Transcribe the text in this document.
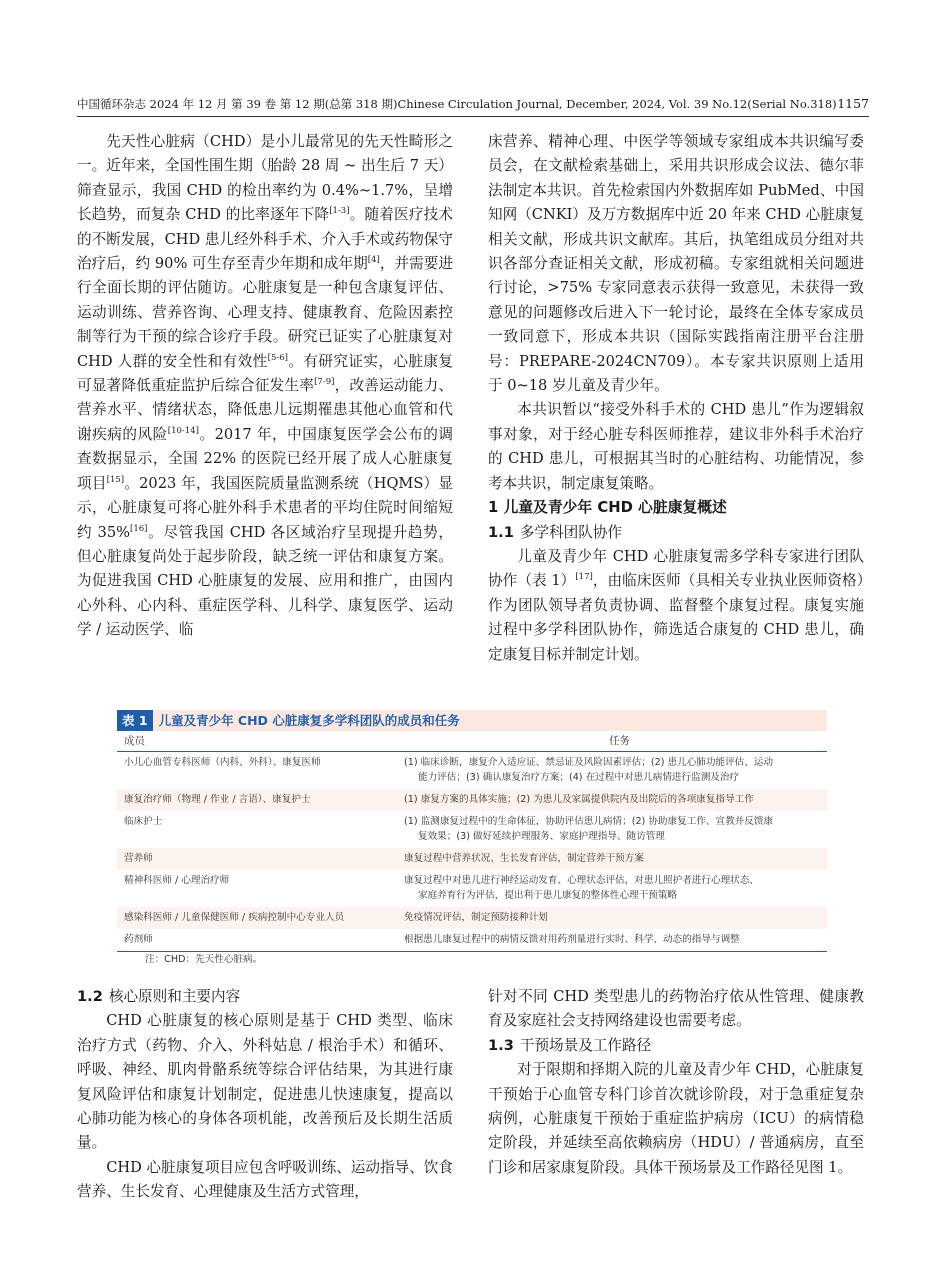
中国循环杂志 2024 年 12 月 第 39 卷 第 12 期(总第 318 期)Chinese Circulation Journal, December, 2024, Vol. 39 No.12(Serial No.318) 1157

先天性心脏病（CHD）是小儿最常见的先天性畸形之一。近年来，全国性围生期（胎龄 28 周 ~ 出生后 7 天）筛查显示，我国 CHD 的检出率约为 0.4%~1.7%，呈增长趋势，而复杂 CHD 的比率逐年下降[1-3]。随着医疗技术的不断发展，CHD 患儿经外科手术、介入手术或药物保守治疗后，约 90% 可生存至青少年期和成年期[4]，并需要进行全面长期的评估随访。心脏康复是一种包含康复评估、运动训练、营养咨询、心理支持、健康教育、危险因素控制等行为干预的综合诊疗手段。研究已证实了心脏康复对 CHD 人群的安全性和有效性[5-6]。有研究证实，心脏康复可显著降低重症监护后综合征发生率[7-9]，改善运动能力、营养水平、情绪状态，降低患儿远期罹患其他心血管和代谢疾病的风险[10-14]。2017 年，中国康复医学会公布的调查数据显示，全国 22% 的医院已经开展了成人心脏康复项目[15]。2023 年，我国医院质量监测系统（HQMS）显示，心脏康复可将心脏外科手术患者的平均住院时间缩短约 35%[16]。尽管我国 CHD 各区域治疗呈现提升趋势，但心脏康复尚处于起步阶段，缺乏统一评估和康复方案。为促进我国 CHD 心脏康复的发展、应用和推广，由国内心外科、心内科、重症医学科、儿科学、康复医学、运动学 / 运动医学、临

床营养、精神心理、中医学等领域专家组成本共识编写委员会，在文献检索基础上，采用共识形成会议法、德尔菲法制定本共识。首先检索国内外数据库如 PubMed、中国知网（CNKI）及万方数据库中近 20 年来 CHD 心脏康复相关文献，形成共识文献库。其后，执笔组成员分组对共识各部分查证相关文献，形成初稿。专家组就相关问题进行讨论，>75% 专家同意表示获得一致意见，未获得一致意见的问题修改后进入下一轮讨论，最终在全体专家成员一致同意下，形成本共识（国际实践指南注册平台注册号：PREPARE-2024CN709）。本专家共识原则上适用于 0~18 岁儿童及青少年。

本共识暂以“接受外科手术的 CHD 患儿”作为逻辑叙事对象，对于经心脏专科医师推荐，建议非外科手术治疗的 CHD 患儿，可根据其当时的心脏结构、功能情况，参考本共识，制定康复策略。

1 儿童及青少年 CHD 心脏康复概述
1.1 多学科团队协作

儿童及青少年 CHD 心脏康复需多学科专家进行团队协作（表 1）[17]，由临床医师（具相关专业执业医师资格）作为团队领导者负责协调、监督整个康复过程。康复实施过程中多学科团队协作，筛选适合康复的 CHD 患儿，确定康复目标并制定计划。

表 1 儿童及青少年 CHD 心脏康复多学科团队的成员和任务
成员	任务
小儿心血管专科医师（内科、外科）、康复医师	(1) 临床诊断，康复介入适应证、禁忌证及风险因素评估；(2) 患儿心肺功能评估、运动
能力评估；(3) 确认康复治疗方案；(4) 在过程中对患儿病情进行监测及治疗
康复治疗师（物理 / 作业 / 言语）、康复护士	(1) 康复方案的具体实施；(2) 为患儿及家属提供院内及出院后的各项康复指导工作
临床护士	(1) 监测康复过程中的生命体征，协助评估患儿病情；(2) 协助康复工作、宣教并反馈康
复效果；(3) 做好延续护理服务、家庭护理指导、随访管理
营养师	康复过程中营养状况、生长发育评估，制定营养干预方案
精神科医师 / 心理治疗师	康复过程中对患儿进行神经运动发育、心理状态评估，对患儿照护者进行心理状态、
家庭养育行为评估，提出利于患儿康复的整体性心理干预策略
感染科医师 / 儿童保健医师 / 疾病控制中心专业人员	免疫情况评估，制定预防接种计划
药剂师	根据患儿康复过程中的病情反馈对用药剂量进行实时、科学、动态的指导与调整
注：CHD：先天性心脏病。
1.2 核心原则和主要内容

CHD 心脏康复的核心原则是基于 CHD 类型、临床治疗方式（药物、介入、外科姑息 / 根治手术）和循环、呼吸、神经、肌肉骨骼系统等综合评估结果，为其进行康复风险评估和康复计划制定，促进患儿快速康复，提高以心肺功能为核心的身体各项机能，改善预后及长期生活质量。

CHD 心脏康复项目应包含呼吸训练、运动指导、饮食营养、生长发育、心理健康及生活方式管理，

针对不同 CHD 类型患儿的药物治疗依从性管理、健康教育及家庭社会支持网络建设也需要考虑。

1.3 干预场景及工作路径

对于限期和择期入院的儿童及青少年 CHD，心脏康复干预始于心血管专科门诊首次就诊阶段，对于急重症复杂病例，心脏康复干预始于重症监护病房（ICU）的病情稳定阶段，并延续至高依赖病房（HDU）/ 普通病房，直至门诊和居家康复阶段。具体干预场景及工作路径见图 1。
